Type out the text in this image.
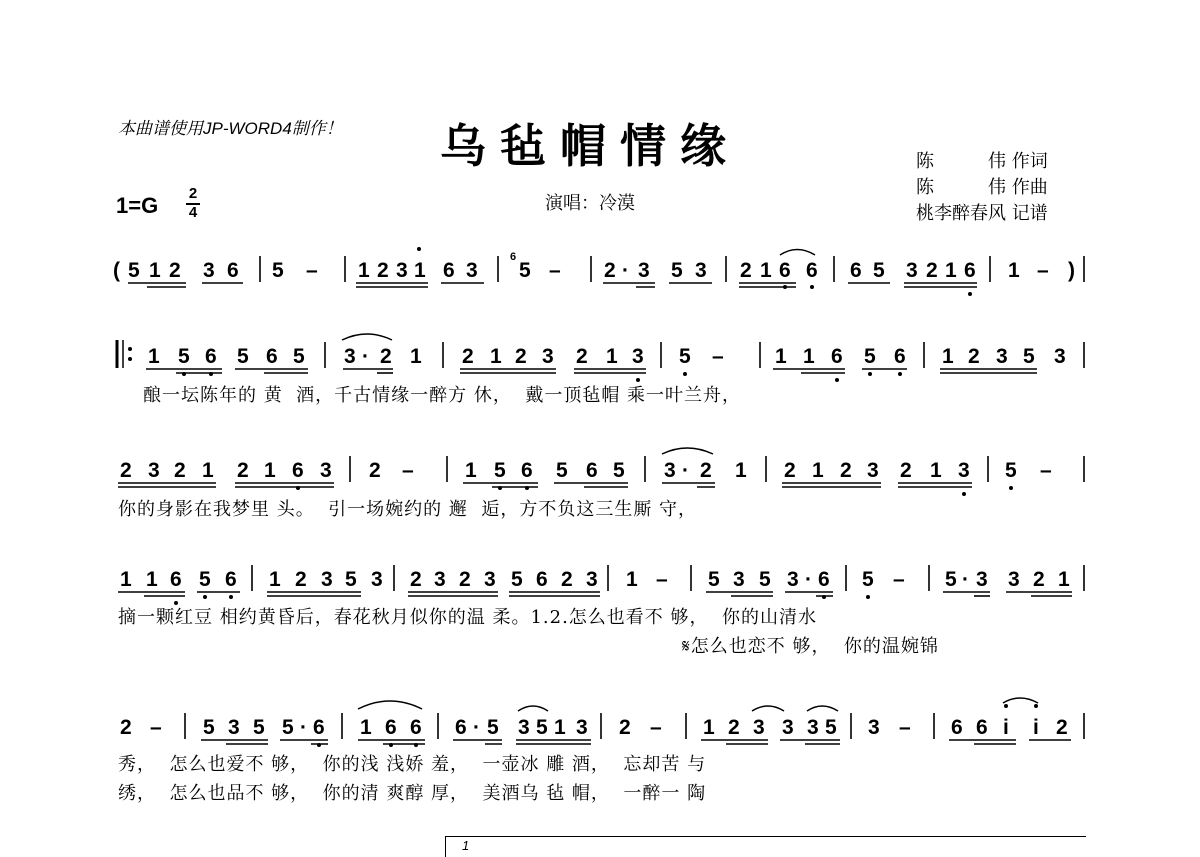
本曲谱使用JP-WORD4制作！ 乌毡帽情缘	陈　　　伟 作词
陈　　　伟 作曲
桃李醉春风 记谱
演唱：冷漠
1=G 2
4
( 5 1 2 3 6 5 – 1 2 3 1 6 3 5 – 2 · 3 5 3 2 1 6 6 6 5 3 2 1 6 1 – )
6
1 5 6 5 6 5 3 · 2 1 2 1 2 3 2 1 3 5 – 1 1 6 5 6 1 2 3 5 3
酿一坛陈年的 黄  酒，千古情缘一醉方 休，  戴一顶毡帽 乘一叶兰舟，
2 3 2 1 2 1 6 3 2 – 1 5 6 5 6 5 3 · 2 1 2 1 2 3 2 1 3 5 –
你的身影在我梦里 头。  引一场婉约的 邂  逅，方不负这三生厮 守，
1 1 6 5 6 1 2 3 5 3 2 3 2 3 5 6 2 3 1 – 5 3 5 3 · 6 5 – 5 · 3 3 2 1
摘一颗红豆 相约黄昏后，春花秋月似你的温 柔。1.2.怎么也看不 够，  你的山清水
𝄋怎么也恋不 够，  你的温婉锦
2 – 5 3 5 5 · 6 1 6 6 6 · 5 3 5 1 3 2 – 1 2 3 3 3 5 3 – 6 6 i i 2
秀，  怎么也爱不 够，  你的浅 浅娇 羞，  一壶冰 雕 酒，  忘却苦 与
绣，  怎么也品不 够，  你的清 爽醇 厚，  美酒乌 毡 帽，  一醉一 陶
1
